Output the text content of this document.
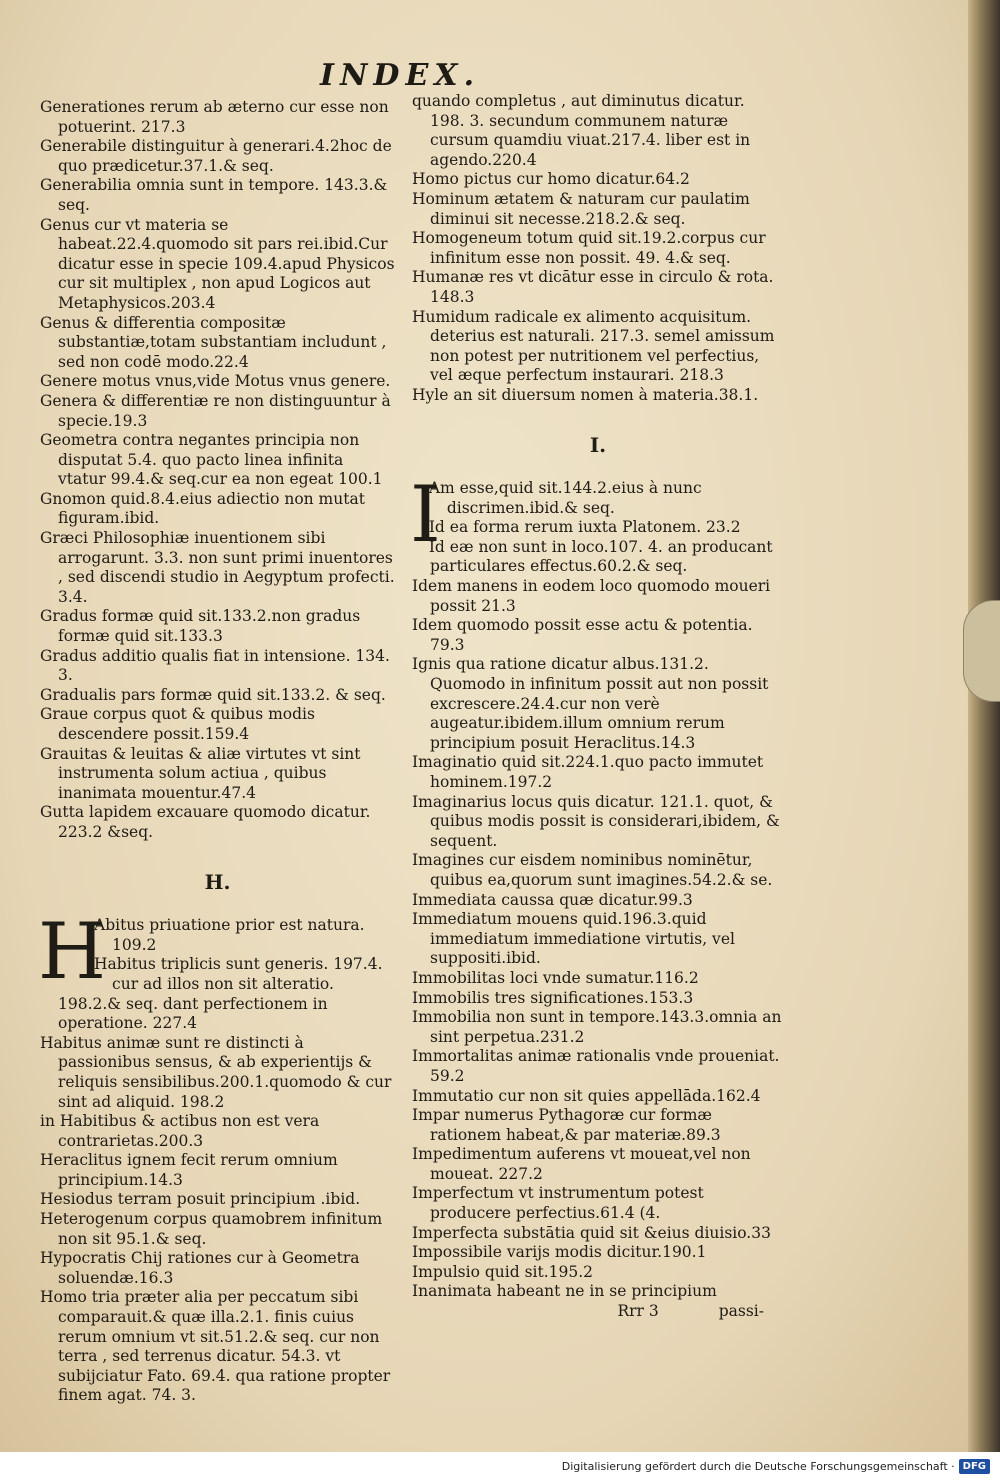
INDEX.

Generationes rerum ab æterno cur esse non potuerint. 217.3

Generabile distinguitur à generari.4.2hoc de quo prædicetur.37.1.& seq.

Generabilia omnia sunt in tempore. 143.3.& seq.

Genus cur vt materia se habeat.22.4.quomodo sit pars rei.ibid.Cur dicatur esse in specie 109.4.apud Physicos cur sit multiplex , non apud Logicos aut Metaphysicos.203.4

Genus & differentia compositæ substantiæ,totam substantiam includunt , sed non codē modo.22.4

Genere motus vnus,vide Motus vnus genere.

Genera & differentiæ re non distinguuntur à specie.19.3

Geometra contra negantes principia non disputat 5.4. quo pacto linea infinita vtatur 99.4.& seq.cur ea non egeat 100.1

Gnomon quid.8.4.eius adiectio non mutat figuram.ibid.

Græci Philosophiæ inuentionem sibi arrogarunt. 3.3. non sunt primi inuentores , sed discendi studio in Aegyptum profecti. 3.4.

Gradus formæ quid sit.133.2.non gradus formæ quid sit.133.3

Gradus additio qualis fiat in intensione. 134. 3.

Gradualis pars formæ quid sit.133.2. & seq.

Graue corpus quot & quibus modis descendere possit.159.4

Grauitas & leuitas & aliæ virtutes vt sint instrumenta solum actiua , quibus inanimata mouentur.47.4

Gutta lapidem excauare quomodo dicatur. 223.2 &seq.

H.
H

Abitus priuatione prior est natura. 109.2

Habitus triplicis sunt generis. 197.4. cur ad illos non sit alteratio. 198.2.& seq. dant perfectionem in operatione. 227.4

Habitus animæ sunt re distincti à passionibus sensus, & ab experientijs & reliquis sensibilibus.200.1.quomodo & cur sint ad aliquid. 198.2

in Habitibus & actibus non est vera contrarietas.200.3

Heraclitus ignem fecit rerum omnium principium.14.3

Hesiodus terram posuit principium .ibid.

Heterogenum corpus quamobrem infinitum non sit 95.1.& seq.

Hypocratis Chij rationes cur à Geometra soluendæ.16.3

Homo tria præter alia per peccatum sibi comparauit.& quæ illa.2.1. finis cuius rerum omnium vt sit.51.2.& seq. cur non terra , sed terrenus dicatur. 54.3. vt subijciatur Fato. 69.4. qua ratione propter finem agat. 74. 3.

quando completus , aut diminutus dicatur. 198. 3. secundum communem naturæ cursum quamdiu viuat.217.4. liber est in agendo.220.4

Homo pictus cur homo dicatur.64.2

Hominum ætatem & naturam cur paulatim diminui sit necesse.218.2.& seq.

Homogeneum totum quid sit.19.2.corpus cur infinitum esse non possit. 49. 4.& seq.

Humanæ res vt dicātur esse in circulo & rota. 148.3

Humidum radicale ex alimento acquisitum. deterius est naturali. 217.3. semel amissum non potest per nutritionem vel perfectius, vel æque perfectum instaurari. 218.3

Hyle an sit diuersum nomen à materia.38.1.

I.
I

Am esse,quid sit.144.2.eius à nunc discrimen.ibid.& seq.

Id ea forma rerum iuxta Platonem. 23.2

Id eæ non sunt in loco.107. 4. an producant particulares effectus.60.2.& seq.

Idem manens in eodem loco quomodo moueri possit 21.3

Idem quomodo possit esse actu & potentia. 79.3

Ignis qua ratione dicatur albus.131.2. Quomodo in infinitum possit aut non possit excrescere.24.4.cur non verè augeatur.ibidem.illum omnium rerum principium posuit Heraclitus.14.3

Imaginatio quid sit.224.1.quo pacto immutet hominem.197.2

Imaginarius locus quis dicatur. 121.1. quot, & quibus modis possit is considerari,ibidem, & sequent.

Imagines cur eisdem nominibus nominētur, quibus ea,quorum sunt imagines.54.2.& se.

Immediata caussa quæ dicatur.99.3

Immediatum mouens quid.196.3.quid immediatum immediatione virtutis, vel suppositi.ibid.

Immobilitas loci vnde sumatur.116.2

Immobilis tres significationes.153.3

Immobilia non sunt in tempore.143.3.omnia an sint perpetua.231.2

Immortalitas animæ rationalis vnde proueniat. 59.2

Immutatio cur non sit quies appellāda.162.4

Impar numerus Pythagoræ cur formæ rationem habeat,& par materiæ.89.3

Impedimentum auferens vt moueat,vel non moueat. 227.2

Imperfectum vt instrumentum potest producere perfectius.61.4 (4.

Imperfecta substātia quid sit &eius diuisio.33

Impossibile varijs modis dicitur.190.1

Impulsio quid sit.195.2

Inanimata habeant ne in se principium

Rrr 3	passi-
Digitalisierung gefördert durch die Deutsche Forschungsgemeinschaft · DFG
